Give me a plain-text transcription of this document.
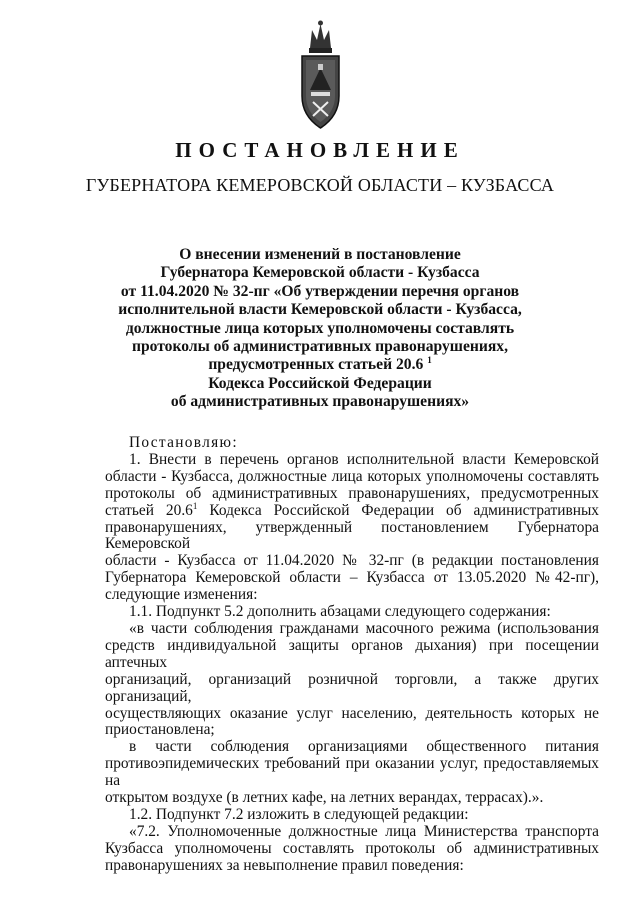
ПОСТАНОВЛЕНИЕ
ГУБЕРНАТОРА КЕМЕРОВСКОЙ ОБЛАСТИ – КУЗБАССА
О внесении изменений в постановление
Губернатора Кемеровской области - Кузбасса
от 11.04.2020 № 32-пг «Об утверждении перечня органов
исполнительной власти Кемеровской области - Кузбасса,
должностные лица которых уполномочены составлять
протоколы об административных правонарушениях,
предусмотренных статьей 20.6 $^1$
Кодекса Российской Федерации
об административных правонарушениях»

Постановляю:

1. Внести в перечень органов исполнительной власти Кемеровской
области - Кузбасса, должностные лица которых уполномочены составлять
протоколы об административных правонарушениях, предусмотренных
статьей 20.6$^1$ Кодекса Российской Федерации об административных
правонарушениях, утвержденный постановлением Губернатора Кемеровской
области - Кузбасса от 11.04.2020 № 32-пг (в редакции постановления
Губернатора Кемеровской области – Кузбасса от 13.05.2020 №42-пг),
следующие изменения:
1.1. Подпункт 5.2 дополнить абзацами следующего содержания:
«в части соблюдения гражданами масочного режима (использования
средств индивидуальной защиты органов дыхания) при посещении аптечных
организаций, организаций розничной торговли, а также других организаций,
осуществляющих оказание услуг населению, деятельность которых не
приостановлена;
в части соблюдения организациями общественного питания
противоэпидемических требований при оказании услуг, предоставляемых на
открытом воздухе (в летних кафе, на летних верандах, террасах).».
1.2. Подпункт 7.2 изложить в следующей редакции:
«7.2. Уполномоченные должностные лица Министерства транспорта
Кузбасса уполномочены составлять протоколы об административных
правонарушениях за невыполнение правил поведения:
